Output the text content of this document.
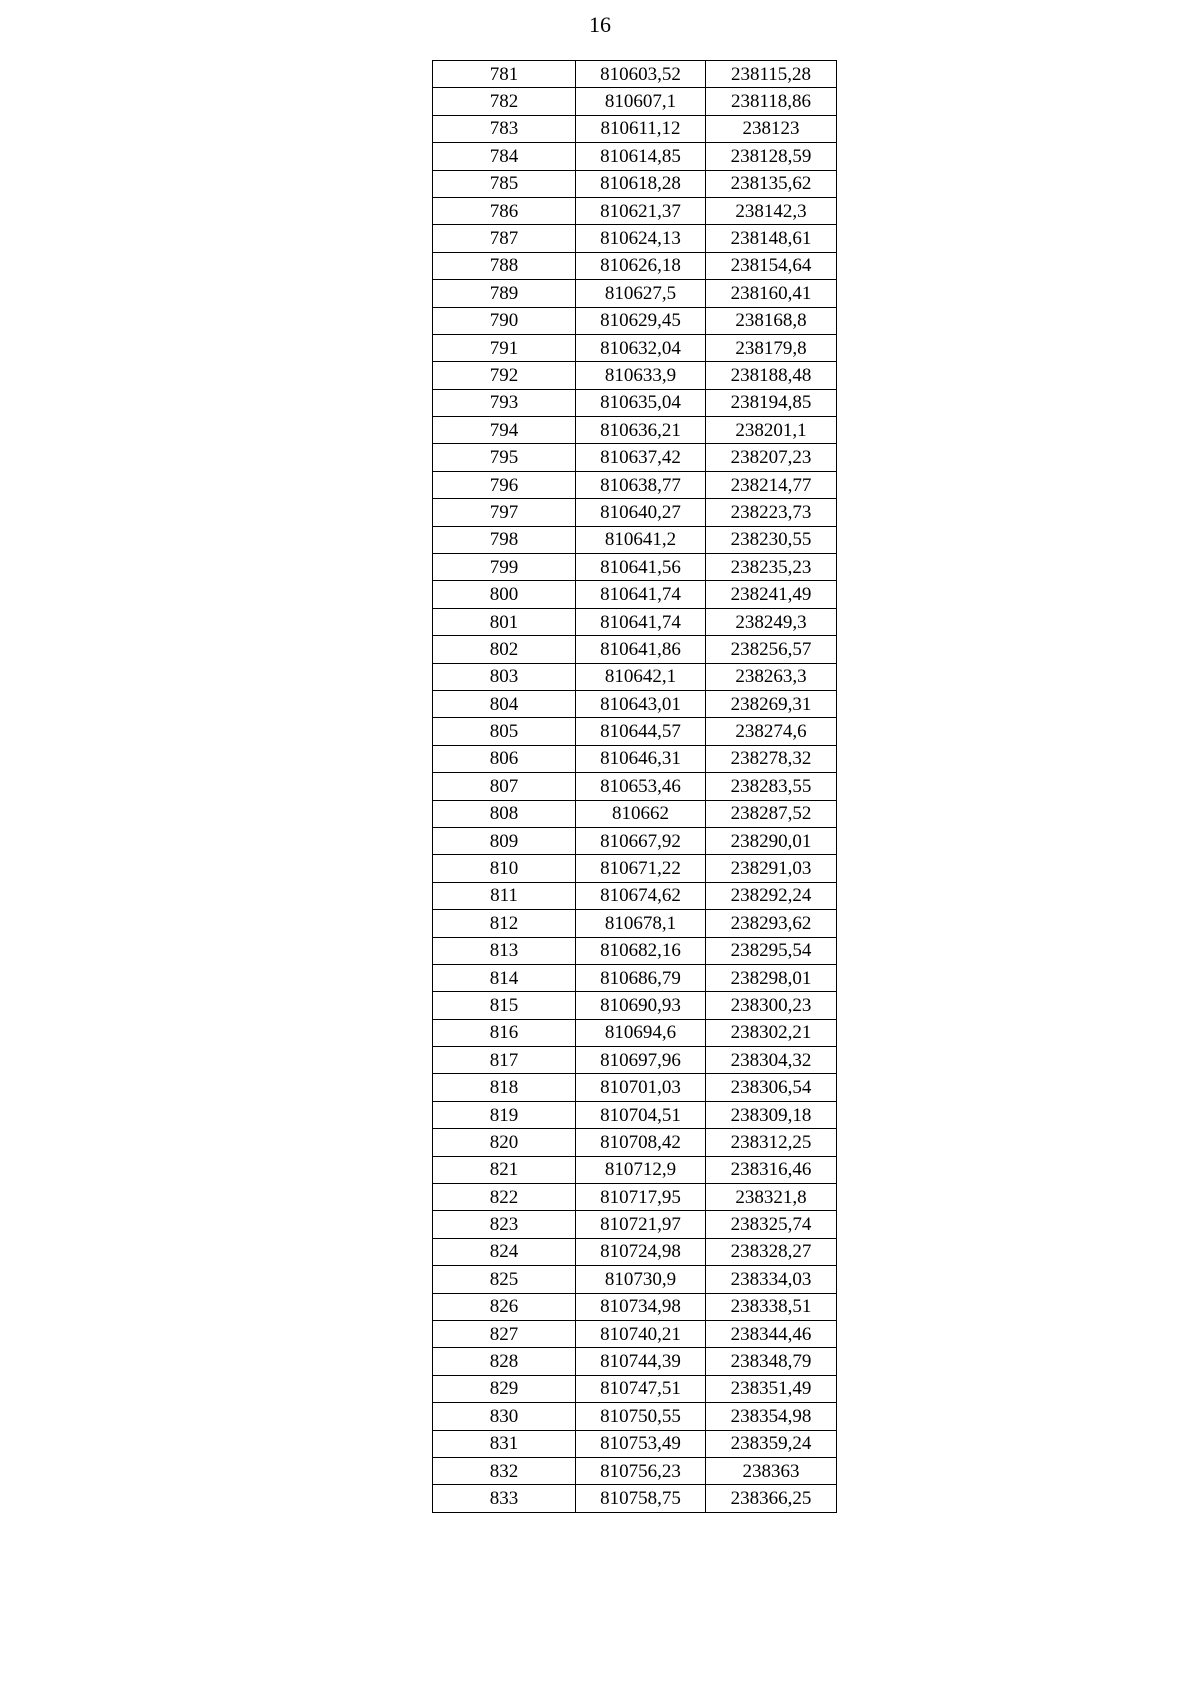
16
781	810603,52	238115,28
782	810607,1	238118,86
783	810611,12	238123
784	810614,85	238128,59
785	810618,28	238135,62
786	810621,37	238142,3
787	810624,13	238148,61
788	810626,18	238154,64
789	810627,5	238160,41
790	810629,45	238168,8
791	810632,04	238179,8
792	810633,9	238188,48
793	810635,04	238194,85
794	810636,21	238201,1
795	810637,42	238207,23
796	810638,77	238214,77
797	810640,27	238223,73
798	810641,2	238230,55
799	810641,56	238235,23
800	810641,74	238241,49
801	810641,74	238249,3
802	810641,86	238256,57
803	810642,1	238263,3
804	810643,01	238269,31
805	810644,57	238274,6
806	810646,31	238278,32
807	810653,46	238283,55
808	810662	238287,52
809	810667,92	238290,01
810	810671,22	238291,03
811	810674,62	238292,24
812	810678,1	238293,62
813	810682,16	238295,54
814	810686,79	238298,01
815	810690,93	238300,23
816	810694,6	238302,21
817	810697,96	238304,32
818	810701,03	238306,54
819	810704,51	238309,18
820	810708,42	238312,25
821	810712,9	238316,46
822	810717,95	238321,8
823	810721,97	238325,74
824	810724,98	238328,27
825	810730,9	238334,03
826	810734,98	238338,51
827	810740,21	238344,46
828	810744,39	238348,79
829	810747,51	238351,49
830	810750,55	238354,98
831	810753,49	238359,24
832	810756,23	238363
833	810758,75	238366,25
